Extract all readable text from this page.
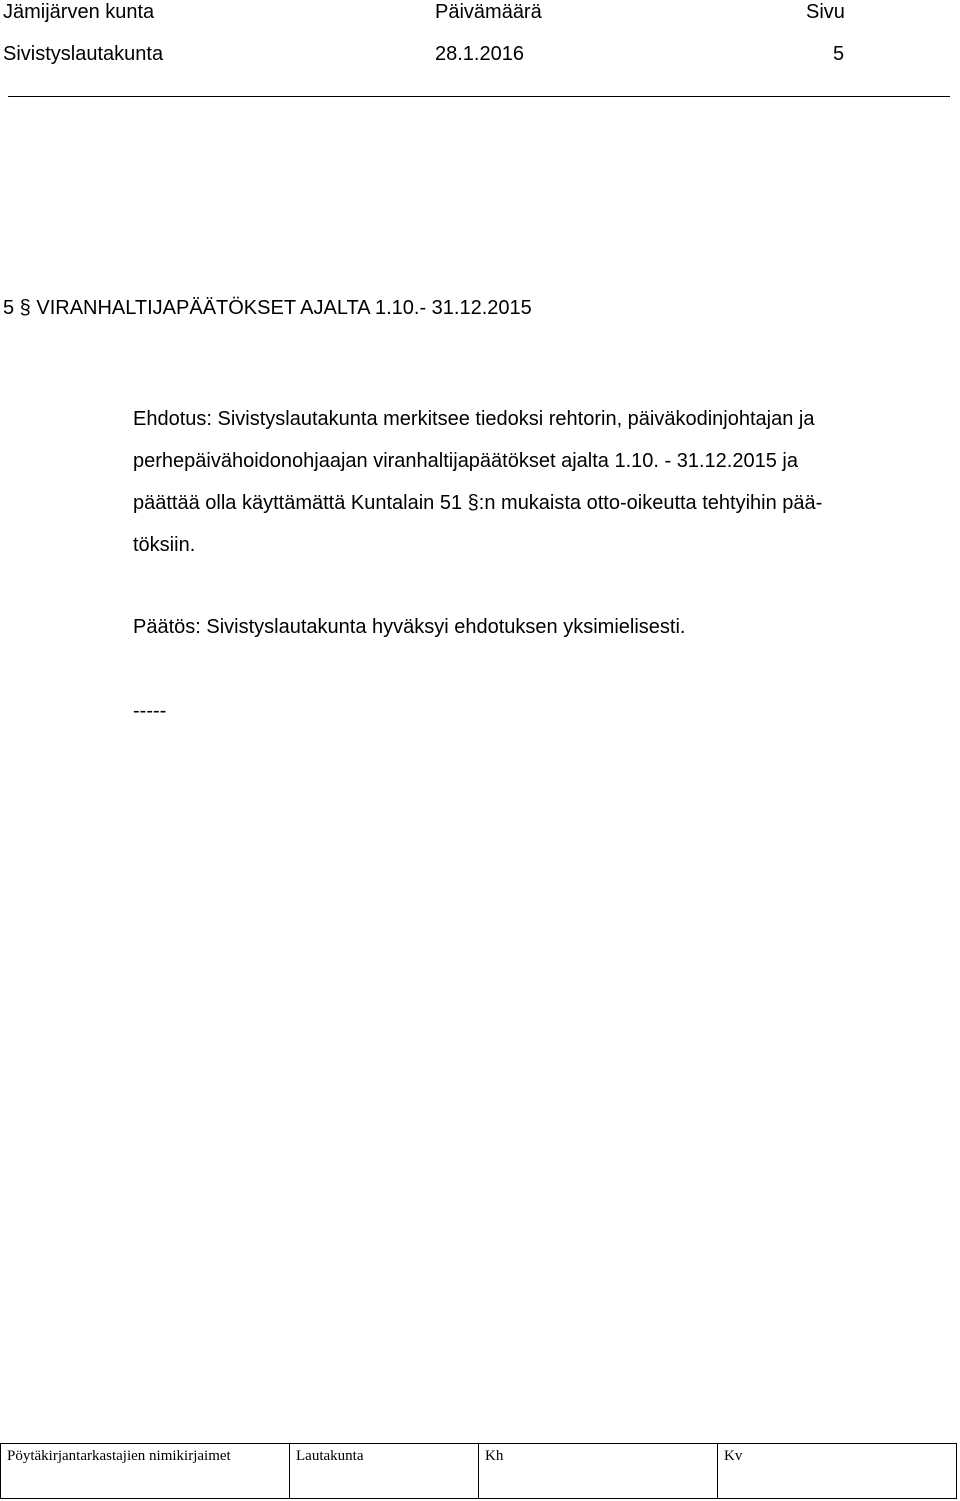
Jämijärven kunta	Päivämäärä	Sivu
Sivistyslautakunta	28.1.2016	5
5 § VIRANHALTIJAPÄÄTÖKSET AJALTA 1.10.- 31.12.2015
Ehdotus: Sivistyslautakunta merkitsee tiedoksi rehtorin, päiväkodinjohtajan ja
perhepäivähoidonohjaajan viranhaltijapäätökset ajalta 1.10. - 31.12.2015 ja
päättää olla käyttämättä Kuntalain 51 §:n mukaista otto-oikeutta tehtyihin pää-
töksiin.
Päätös: Sivistyslautakunta hyväksyi ehdotuksen yksimielisesti.
-----
Pöytäkirjantarkastajien nimikirjaimet	Lautakunta	Kh	Kv
